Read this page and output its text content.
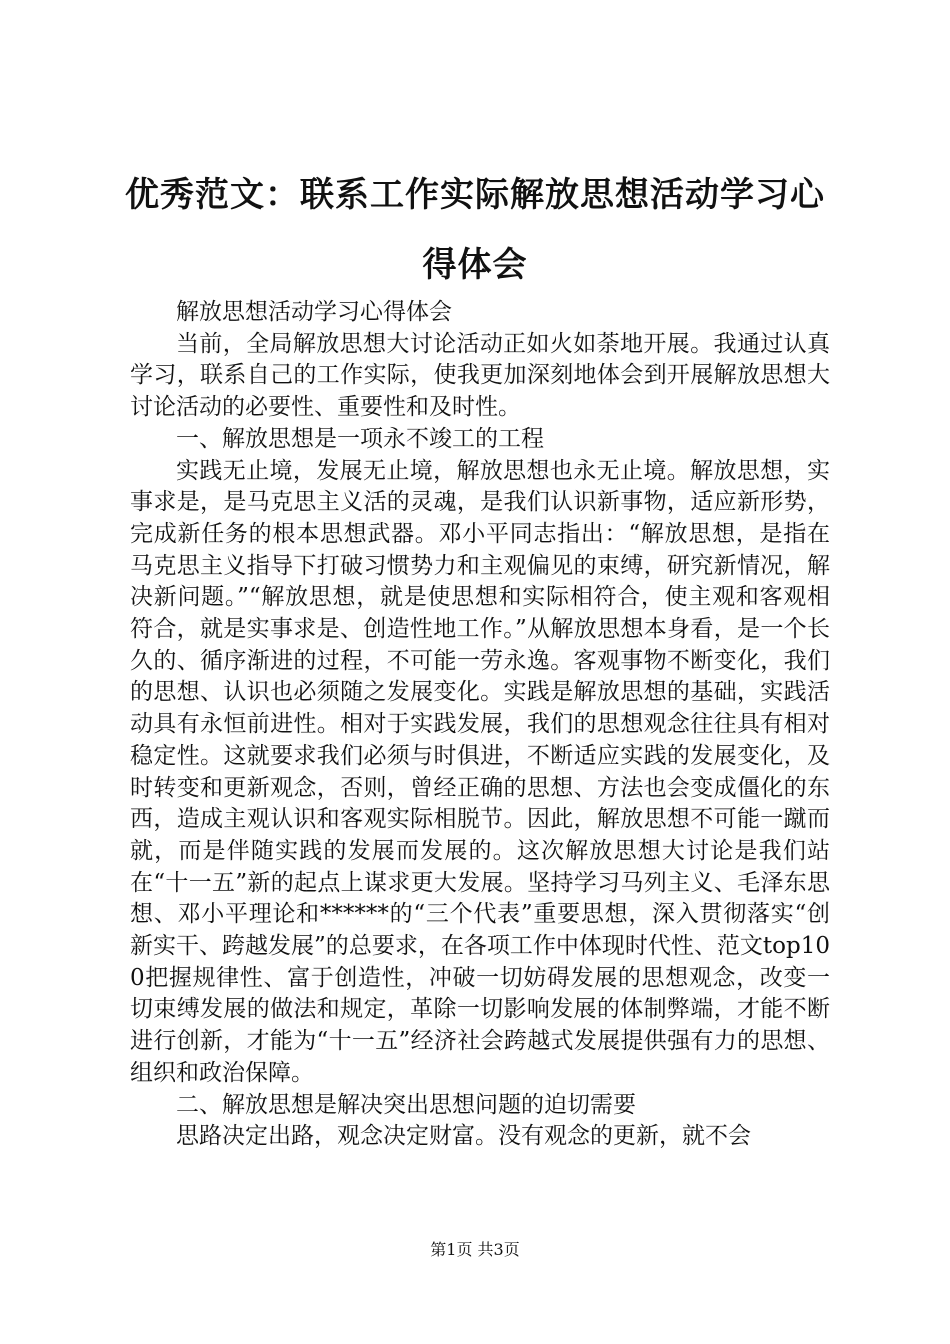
优秀范文：联系工作实际解放思想活动学习心得体会

解放思想活动学习心得体会

当前，全局解放思想大讨论活动正如火如荼地开展。我通过认真学习，联系自己的工作实际，使我更加深刻地体会到开展解放思想大讨论活动的必要性、重要性和及时性。

一、解放思想是一项永不竣工的工程

实践无止境，发展无止境，解放思想也永无止境。解放思想，实事求是，是马克思主义活的灵魂，是我们认识新事物，适应新形势，完成新任务的根本思想武器。邓小平同志指出：“解放思想，是指在马克思主义指导下打破习惯势力和主观偏见的束缚，研究新情况，解决新问题。”“解放思想，就是使思想和实际相符合，使主观和客观相符合，就是实事求是、创造性地工作。”从解放思想本身看，是一个长久的、循序渐进的过程，不可能一劳永逸。客观事物不断变化，我们的思想、认识也必须随之发展变化。实践是解放思想的基础，实践活动具有永恒前进性。相对于实践发展，我们的思想观念往往具有相对稳定性。这就要求我们必须与时俱进，不断适应实践的发展变化，及时转变和更新观念，否则，曾经正确的思想、方法也会变成僵化的东西，造成主观认识和客观实际相脱节。因此，解放思想不可能一蹴而就，而是伴随实践的发展而发展的。这次解放思想大讨论是我们站在“十一五”新的起点上谋求更大发展。坚持学习马列主义、毛泽东思想、邓小平理论和******的“三个代表”重要思想，深入贯彻落实“创新实干、跨越发展”的总要求，在各项工作中体现时代性、范文top100把握规律性、富于创造性，冲破一切妨碍发展的思想观念，改变一切束缚发展的做法和规定，革除一切影响发展的体制弊端，才能不断进行创新，才能为“十一五”经济社会跨越式发展提供强有力的思想、组织和政治保障。

二、解放思想是解决突出思想问题的迫切需要

思路决定出路，观念决定财富。没有观念的更新，就不会

第1页 共3页
